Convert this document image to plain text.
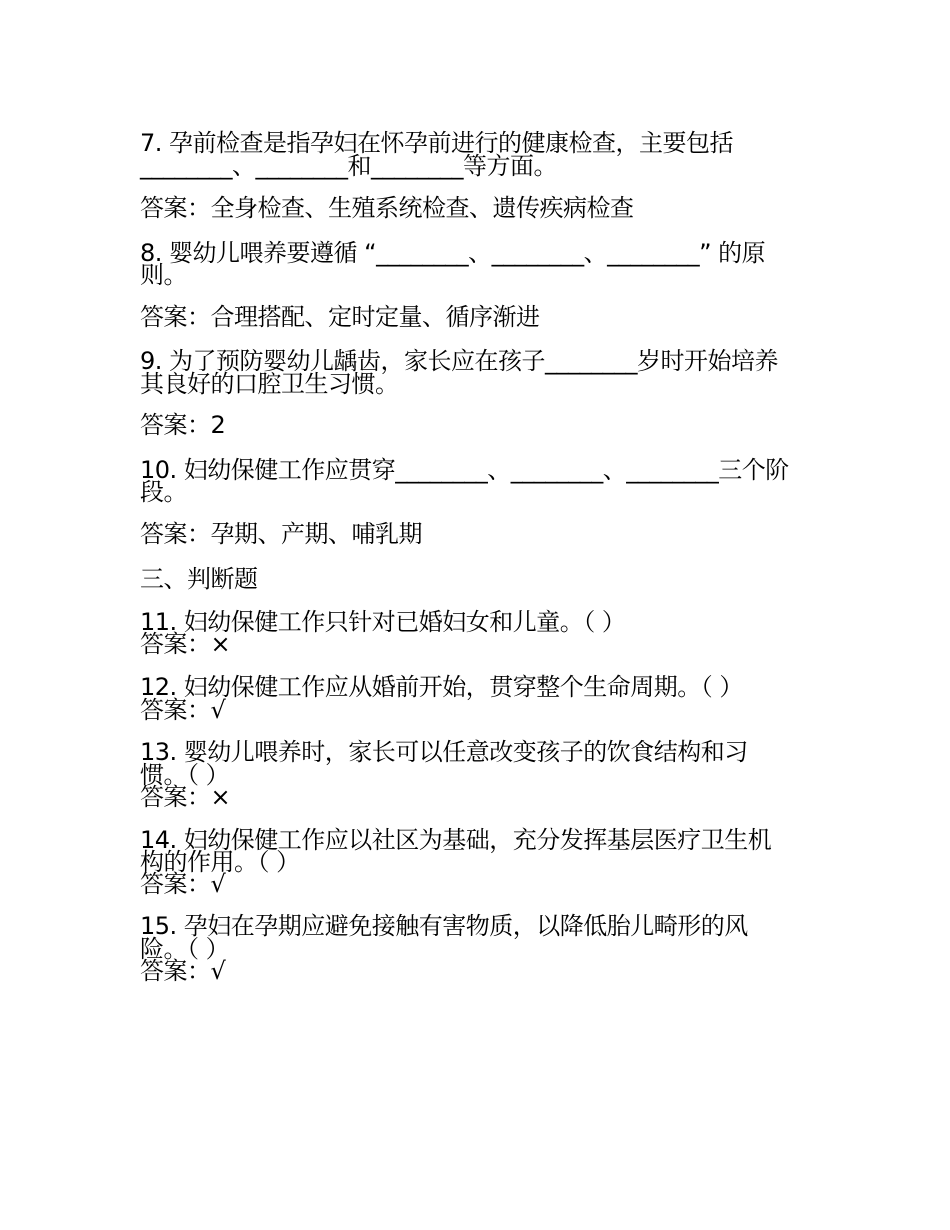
7. 孕前检查是指孕妇在怀孕前进行的健康检查，主要包括
________、________和________等方面。
答案：全身检查、生殖系统检查、遗传疾病检查
8. 婴幼儿喂养要遵循 “________、________、________” 的原
则。
答案：合理搭配、定时定量、循序渐进
9. 为了预防婴幼儿龋齿，家长应在孩子________岁时开始培养
其良好的口腔卫生习惯。
答案：2
10. 妇幼保健工作应贯穿________、________、________三个阶
段。
答案：孕期、产期、哺乳期
三、判断题
11. 妇幼保健工作只针对已婚妇女和儿童。（ ）
答案：×
12. 妇幼保健工作应从婚前开始，贯穿整个生命周期。（ ）
答案：√
13. 婴幼儿喂养时，家长可以任意改变孩子的饮食结构和习
惯。（ ）
答案：×
14. 妇幼保健工作应以社区为基础，充分发挥基层医疗卫生机
构的作用。（ ）
答案：√
15. 孕妇在孕期应避免接触有害物质，以降低胎儿畸形的风
险。（ ）
答案：√
